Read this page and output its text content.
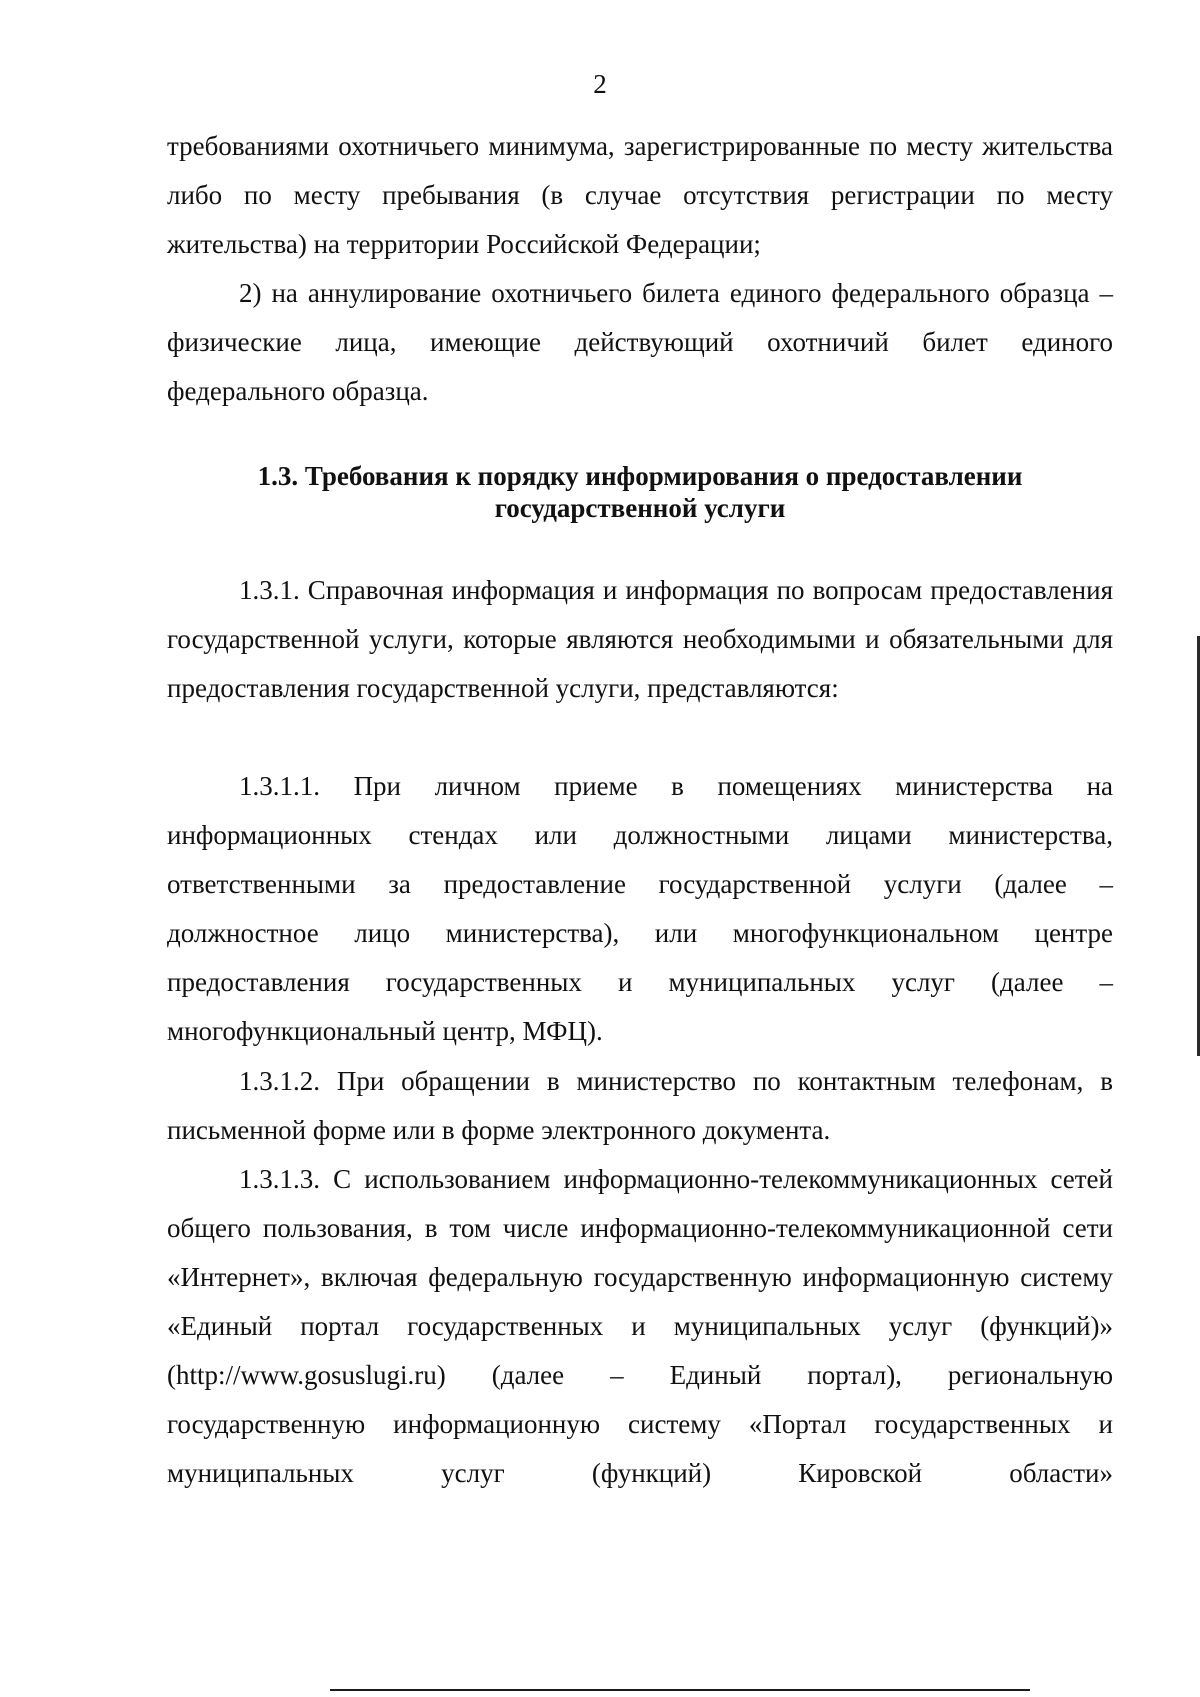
2

требованиями охотничьего минимума, зарегистрированные по месту жительства либо по месту пребывания (в случае отсутствия регистрации по месту жительства) на территории Российской Федерации;

2) на аннулирование охотничьего билета единого федерального образца – физические лица, имеющие действующий охотничий билет единого федерального образца.

1.3. Требования к порядку информирования о предоставлении
государственной услуги

1.3.1. Справочная информация и информация по вопросам предоставления государственной услуги, которые являются необходимыми и обязательными для предоставления государственной услуги, представляются:

1.3.1.1. При личном приеме в помещениях министерства на информационных стендах или должностными лицами министерства, ответственными за предоставление государственной услуги (далее – должностное лицо министерства), или многофункциональном центре предоставления государственных и муниципальных услуг (далее – многофункциональный центр, МФЦ).

1.3.1.2. При обращении в министерство по контактным телефонам, в письменной форме или в форме электронного документа.

1.3.1.3. С использованием информационно-телекоммуникационных сетей общего пользования, в том числе информационно-телекоммуникационной сети «Интернет», включая федеральную государственную информационную систему «Единый портал государственных и муниципальных услуг (функций)» (http://www.gosuslugi.ru) (далее – Единый портал), региональную государственную информационную систему «Портал государственных и муниципальных услуг (функций) Кировской области»
